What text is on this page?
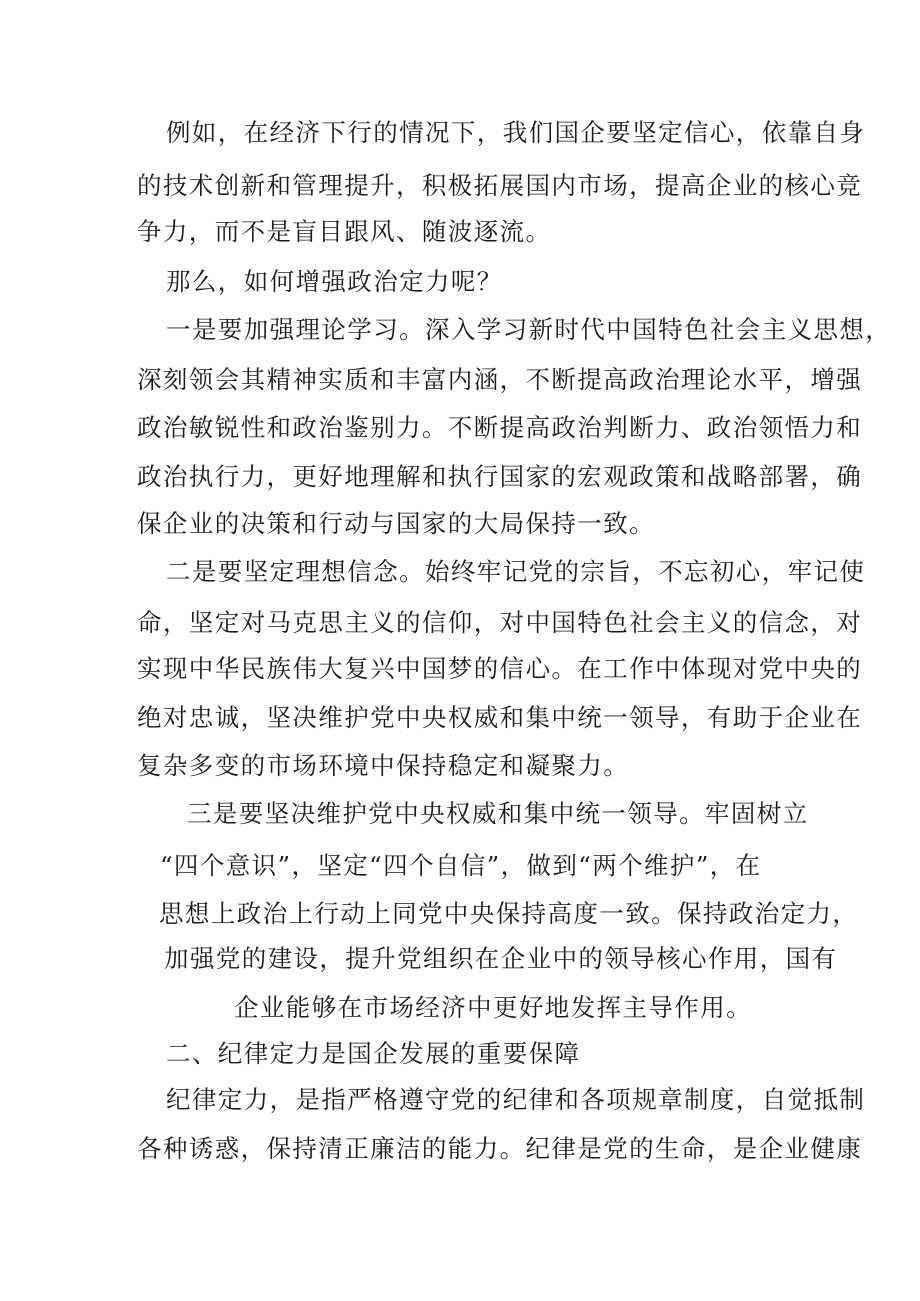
例如，在经济下行的情况下，我们国企要坚定信心，依靠自身

的技术创新和管理提升，积极拓展国内市场，提高企业的核心竞

争力，而不是盲目跟风、随波逐流。

那么，如何增强政治定力呢？

一是要加强理论学习。深入学习新时代中国特色社会主义思想，

深刻领会其精神实质和丰富内涵，不断提高政治理论水平，增强

政治敏锐性和政治鉴别力。不断提高政治判断力、政治领悟力和

政治执行力，更好地理解和执行国家的宏观政策和战略部署，确

保企业的决策和行动与国家的大局保持一致。

二是要坚定理想信念。始终牢记党的宗旨，不忘初心，牢记使

命，坚定对马克思主义的信仰，对中国特色社会主义的信念，对

实现中华民族伟大复兴中国梦的信心。在工作中体现对党中央的

绝对忠诚，坚决维护党中央权威和集中统一领导，有助于企业在

复杂多变的市场环境中保持稳定和凝聚力。

三是要坚决维护党中央权威和集中统一领导。牢固树立

“四个意识”，坚定“四个自信”，做到“两个维护”，在

思想上政治上行动上同党中央保持高度一致。保持政治定力，

加强党的建设，提升党组织在企业中的领导核心作用，国有

企业能够在市场经济中更好地发挥主导作用。

二、纪律定力是国企发展的重要保障

纪律定力，是指严格遵守党的纪律和各项规章制度，自觉抵制

各种诱惑，保持清正廉洁的能力。纪律是党的生命，是企业健康
